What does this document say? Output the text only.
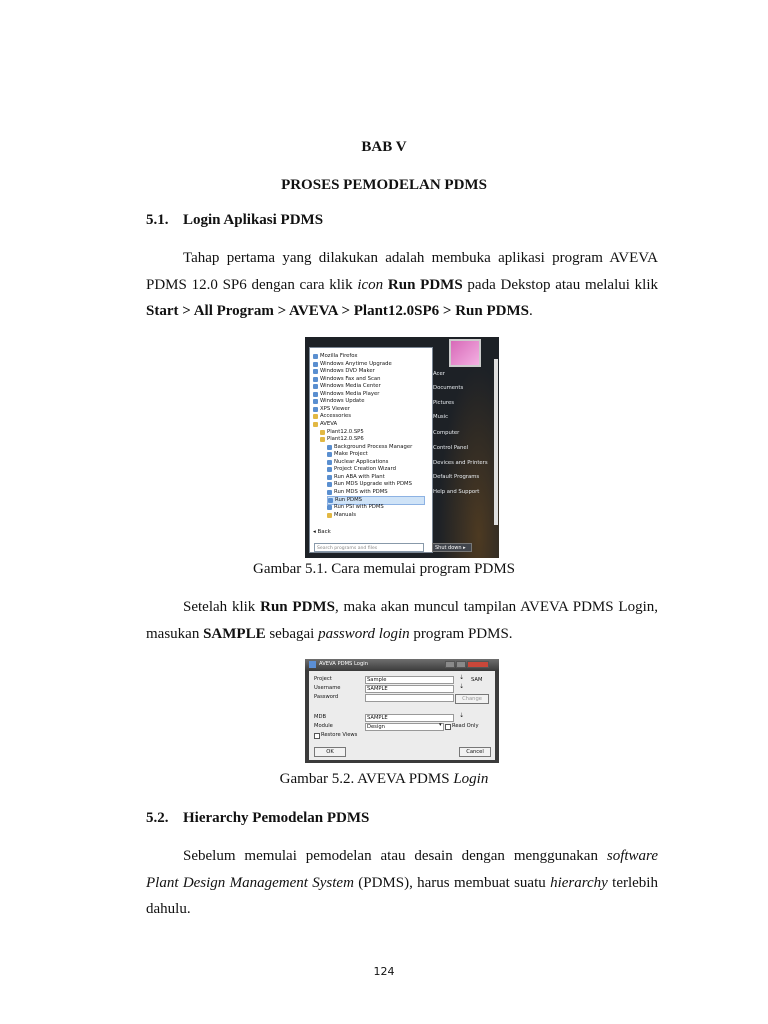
BAB V
PROSES PEMODELAN PDMS
5.1. Login Aplikasi PDMS
Tahap pertama yang dilakukan adalah membuka aplikasi program AVEVA PDMS 12.0 SP6 dengan cara klik icon Run PDMS pada Dekstop atau melalui klik Start > All Program > AVEVA > Plant12.0SP6 > Run PDMS.
Mozilla Firefox
Windows Anytime Upgrade
Windows DVD Maker
Windows Fax and Scan
Windows Media Center
Windows Media Player
Windows Update
XPS Viewer
Accessories
AVEVA
Plant12.0.SP5
Plant12.0.SP6
Background Process Manager
Make Project
Nuclear Applications
Project Creation Wizard
Run ABA with Plant
Run MDS Upgrade with PDMS
Run MDS with PDMS
Run PDMS
Run PSI with PDMS
Manuals
◂ Back
Search programs and files
Acer
Documents
Pictures
Music
Computer
Control Panel
Devices and Printers
Default Programs
Help and Support
Shut down ▸
Gambar 5.1. Cara memulai program PDMS
Setelah klik Run PDMS, maka akan muncul tampilan AVEVA PDMS Login, masukan SAMPLE sebagai password login program PDMS.
AVEVA PDMS Login
Project	Sample	⇣ SAM
Username	SAMPLE	⇣
Password	Change
MDB	SAMPLE	⇣
Module	Design	▾ Read Only
Restore Views
OK	Cancel
Gambar 5.2. AVEVA PDMS Login
5.2. Hierarchy Pemodelan PDMS
Sebelum memulai pemodelan atau desain dengan menggunakan software Plant Design Management System (PDMS), harus membuat suatu hierarchy terlebih dahulu.
124
